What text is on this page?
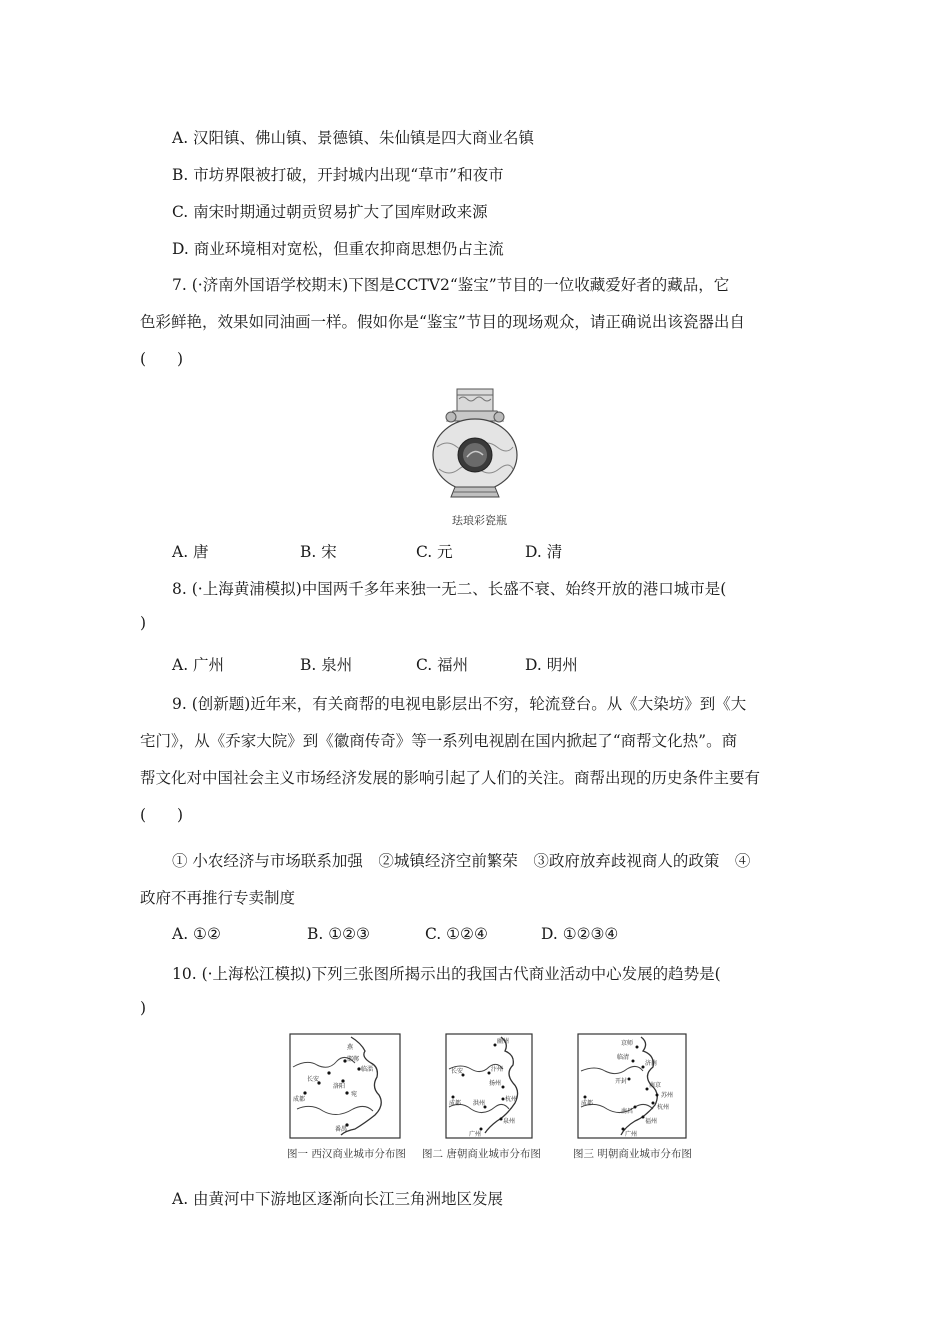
A. 汉阳镇、佛山镇、景德镇、朱仙镇是四大商业名镇
B. 市坊界限被打破，开封城内出现“草市”和夜市
C. 南宋时期通过朝贡贸易扩大了国库财政来源
D. 商业环境相对宽松，但重农抑商思想仍占主流
7. (·济南外国语学校期末)下图是CCTV2“鉴宝”节目的一位收藏爱好者的藏品，它
色彩鲜艳，效果如同油画一样。假如你是“鉴宝”节目的现场观众，请正确说出该瓷器出自
(　　)
珐琅彩瓷瓶
A. 唐	B. 宋	C. 元	D. 清
8. (·上海黄浦模拟)中国两千多年来独一无二、长盛不衰、始终开放的港口城市是(
)
A. 广州	B. 泉州	C. 福州	D. 明州
9. (创新题)近年来，有关商帮的电视电影层出不穷，轮流登台。从《大染坊》到《大
宅门》，从《乔家大院》到《徽商传奇》等一系列电视剧在国内掀起了“商帮文化热”。商
帮文化对中国社会主义市场经济发展的影响引起了人们的关注。商帮出现的历史条件主要有
(　　)
① 小农经济与市场联系加强　②城镇经济空前繁荣　③政府放弃歧视商人的政策　④
政府不再推行专卖制度
A. ①②	B. ①②③	C. ①②④	D. ①②③④
10. (·上海松江模拟)下列三张图所揭示出的我国古代商业活动中心发展的趋势是(
)
燕
邯郸
临淄
长安
洛阳
宛
成都
番禺
图一 西汉商业城市分布图
幽州
汴州
长安
扬州
成都
杭州
洪州
广州
泉州
图二 唐朝商业城市分布图
京师
临清
济南
开封
南京
苏州
杭州
成都
南昌
福州
广州
图三 明朝商业城市分布图
A. 由黄河中下游地区逐渐向长江三角洲地区发展
